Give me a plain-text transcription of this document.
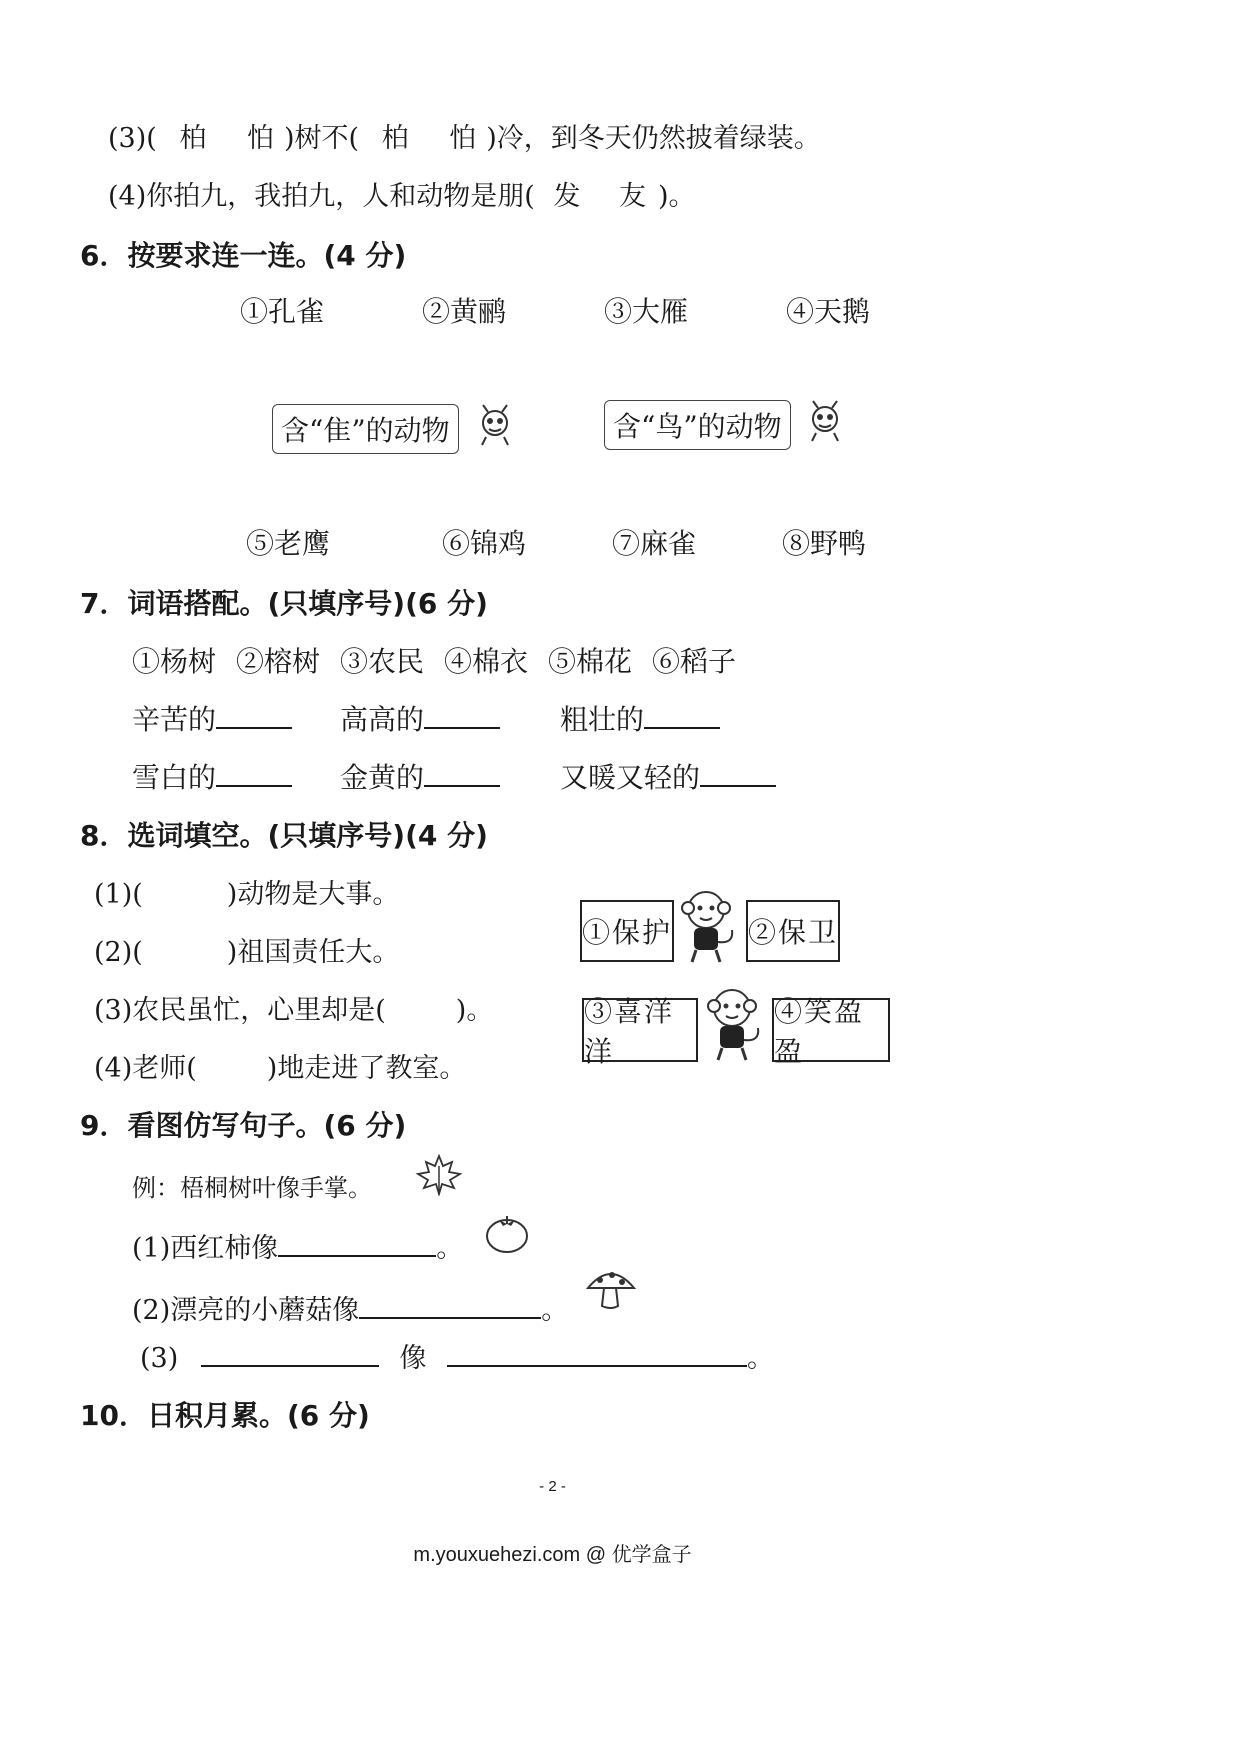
(3)( 柏 怕 )树不( 柏 怕 )冷，到冬天仍然披着绿装。
(4)你拍九，我拍九，人和动物是朋( 发 友 )。
6．按要求连一连。(4 分)
①孔雀	②黄鹂	③大雁	④天鹅
含“隹”的动物	含“鸟”的动物
⑤老鹰	⑥锦鸡	⑦麻雀	⑧野鸭
7．词语搭配。(只填序号)(6 分)
①杨树 ②榕树 ③农民 ④棉衣 ⑤棉花 ⑥稻子
辛苦的	高高的	粗壮的
雪白的	金黄的	又暖又轻的
8．选词填空。(只填序号)(4 分)
(1)(	)动物是大事。
(2)(	)祖国责任大。
(3)农民虽忙，心里却是(	)。
(4)老师(	)地走进了教室。
①保护	②保卫
③喜洋洋
④笑盈盈
9．看图仿写句子。(6 分)
例：梧桐树叶像手掌。
(1)西红柿像	。
(2)漂亮的小蘑菇像	。
(3)	像	。
10．日积月累。(6 分)
- 2 -
m.youxuehezi.com @ 优学盒子
